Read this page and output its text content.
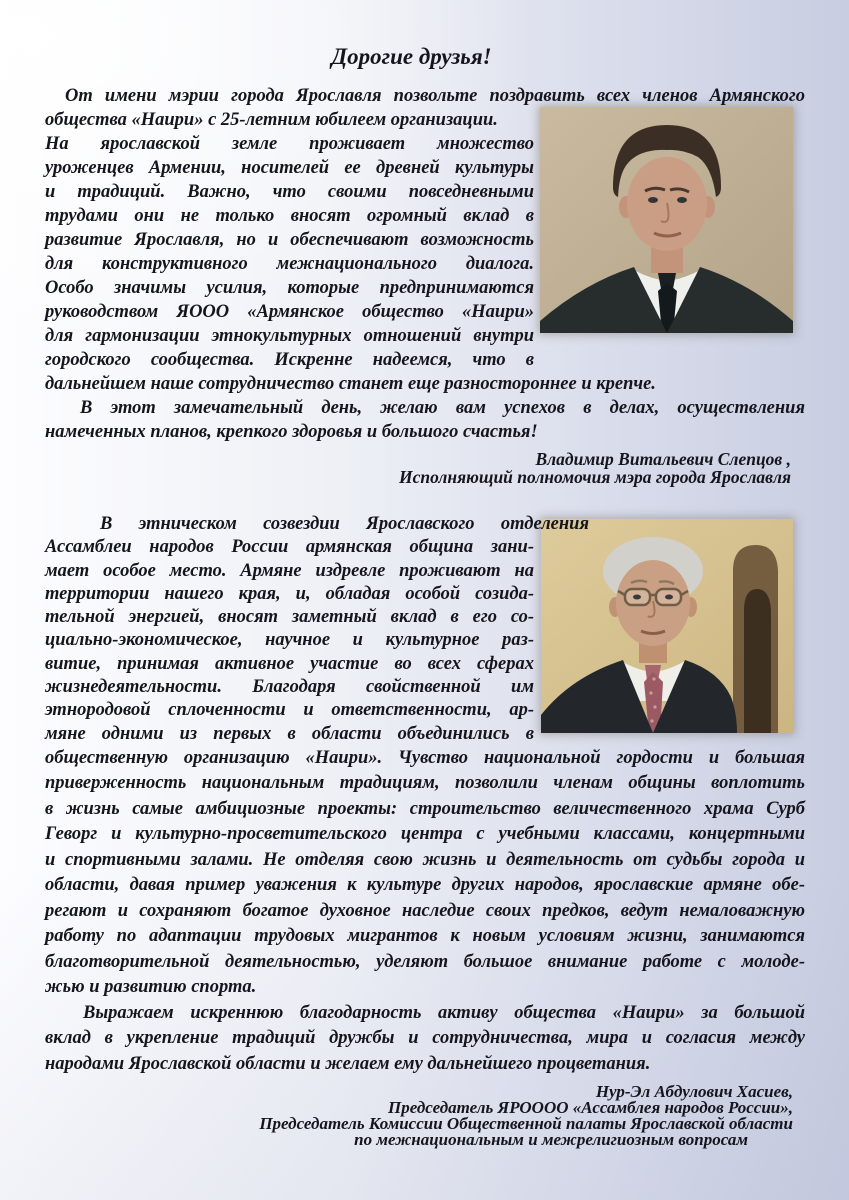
Дорогие друзья!
От имени мэрии города Ярославля позвольте поздравить всех членов Армянского
общества «Наири» с 25-летним юбилеем организации.
На ярославской земле проживает множество
уроженцев Армении, носителей ее древней культуры
и традиций. Важно, что своими повседневными
трудами они не только вносят огромный вклад в
развитие Ярославля, но и обеспечивают возможность
для конструктивного межнационального диалога.
Особо значимы усилия, которые предпринимаются
руководством ЯООО «Армянское общество «Наири»
для гармонизации этнокультурных отношений внутри
городского сообщества. Искренне надеемся, что в
дальнейшем наше сотрудничество станет еще разностороннее и крепче.
В этот замечательный день, желаю вам успехов в делах, осуществления
намеченных планов, крепкого здоровья и большого счастья!
Владимир Витальевич Слепцов ,
Исполняющий полномочия мэра города Ярославля
В этническом созвездии Ярославского отделения
Ассамблеи народов России армянская община зани-
мает особое место. Армяне издревле проживают на
территории нашего края, и, обладая особой созида-
тельной энергией, вносят заметный вклад в его со-
циально-экономическое, научное и культурное раз-
витие, принимая активное участие во всех сферах
жизнедеятельности. Благодаря свойственной им
этнородовой сплоченности и ответственности, ар-
мяне одними из первых в области объединились в
общественную организацию «Наири». Чувство национальной гордости и большая
приверженность национальным традициям, позволили членам общины воплотить
в жизнь самые амбициозные проекты: строительство величественного храма Сурб
Геворг и культурно-просветительского центра с учебными классами, концертными
и спортивными залами. Не отделяя свою жизнь и деятельность от судьбы города и
области, давая пример уважения к культуре других народов, ярославские армяне обе-
регают и сохраняют богатое духовное наследие своих предков, ведут немаловажную
работу по адаптации трудовых мигрантов к новым условиям жизни, занимаются
благотворительной деятельностью, уделяют большое внимание работе с молоде-
жью и развитию спорта.
Выражаем искреннюю благодарность активу общества «Наири» за большой
вклад в укрепление традиций дружбы и сотрудничества, мира и согласия между
народами Ярославской области и желаем ему дальнейшего процветания.
Нур-Эл Абдулович Хасиев,
Председатель ЯРОООО «Ассамблея народов России»,
Председатель Комиссии Общественной палаты Ярославской области
по межнациональным и межрелигиозным вопросам
